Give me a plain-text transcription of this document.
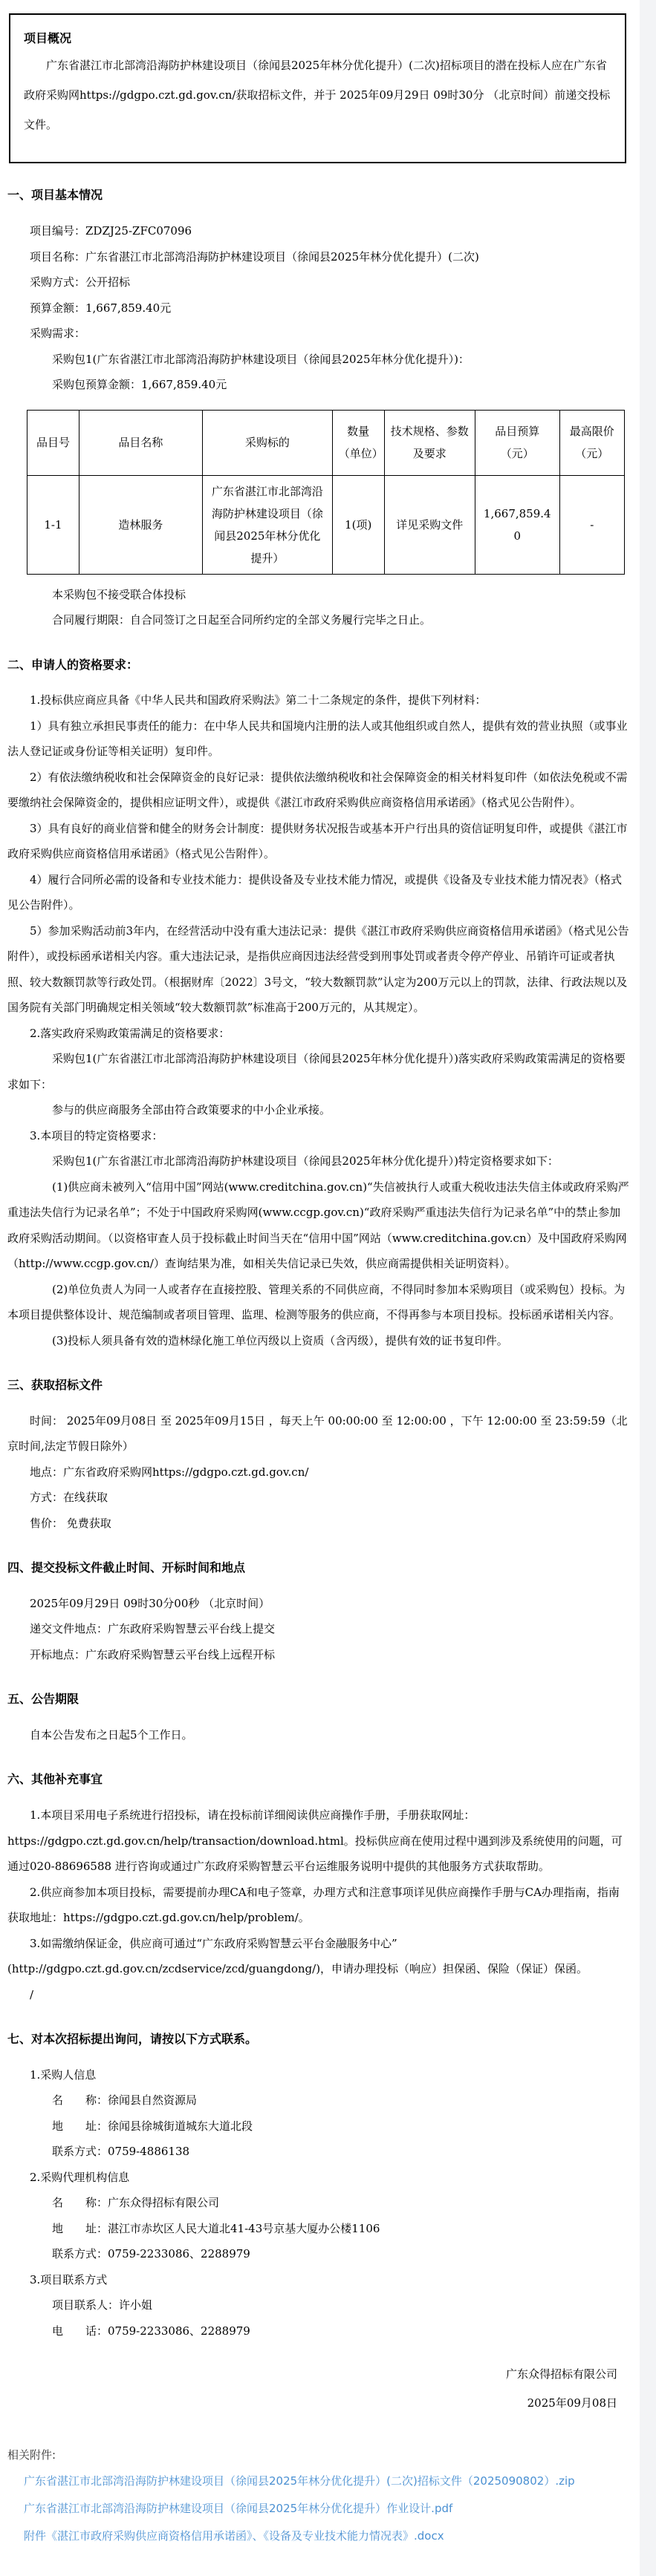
项目概况

广东省湛江市北部湾沿海防护林建设项目（徐闻县2025年林分优化提升）(二次)招标项目的潜在投标人应在广东省政府采购网https://gdgpo.czt.gd.gov.cn/获取招标文件，并于 2025年09月29日 09时30分 （北京时间）前递交投标文件。

一、项目基本情况

项目编号：ZDZJ25-ZFC07096

项目名称：广东省湛江市北部湾沿海防护林建设项目（徐闻县2025年林分优化提升）(二次)

采购方式：公开招标

预算金额：1,667,859.40元

采购需求：

采购包1(广东省湛江市北部湾沿海防护林建设项目（徐闻县2025年林分优化提升）)：

采购包预算金额：1,667,859.40元

品目号	品目名称	采购标的	数量（单位）	技术规格、参数及要求	品目预算（元）	最高限价（元）
1-1	造林服务	广东省湛江市北部湾沿海防护林建设项目（徐闻县2025年林分优化提升）	1(项)	详见采购文件	1,667,859.40	-

本采购包不接受联合体投标

合同履行期限：自合同签订之日起至合同所约定的全部义务履行完毕之日止。

二、申请人的资格要求：

1.投标供应商应具备《中华人民共和国政府采购法》第二十二条规定的条件，提供下列材料：

1）具有独立承担民事责任的能力：在中华人民共和国境内注册的法人或其他组织或自然人，提供有效的营业执照（或事业法人登记证或身份证等相关证明）复印件。

2）有依法缴纳税收和社会保障资金的良好记录：提供依法缴纳税收和社会保障资金的相关材料复印件（如依法免税或不需要缴纳社会保障资金的，提供相应证明文件），或提供《湛江市政府采购供应商资格信用承诺函》（格式见公告附件）。

3）具有良好的商业信誉和健全的财务会计制度：提供财务状况报告或基本开户行出具的资信证明复印件，或提供《湛江市政府采购供应商资格信用承诺函》（格式见公告附件）。

4）履行合同所必需的设备和专业技术能力：提供设备及专业技术能力情况，或提供《设备及专业技术能力情况表》（格式见公告附件）。

5）参加采购活动前3年内，在经营活动中没有重大违法记录：提供《湛江市政府采购供应商资格信用承诺函》（格式见公告附件），或投标函承诺相关内容。重大违法记录，是指供应商因违法经营受到刑事处罚或者责令停产停业、吊销许可证或者执照、较大数额罚款等行政处罚。（根据财库〔2022〕3号文，“较大数额罚款”认定为200万元以上的罚款，法律、行政法规以及国务院有关部门明确规定相关领域“较大数额罚款”标准高于200万元的，从其规定）。

2.落实政府采购政策需满足的资格要求：

采购包1(广东省湛江市北部湾沿海防护林建设项目（徐闻县2025年林分优化提升）)落实政府采购政策需满足的资格要求如下：

参与的供应商服务全部由符合政策要求的中小企业承接。

3.本项目的特定资格要求：

采购包1(广东省湛江市北部湾沿海防护林建设项目（徐闻县2025年林分优化提升）)特定资格要求如下：

(1)供应商未被列入“信用中国”网站(www.creditchina.gov.cn)“失信被执行人或重大税收违法失信主体或政府采购严重违法失信行为记录名单”；不处于中国政府采购网(www.ccgp.gov.cn)“政府采购严重违法失信行为记录名单”中的禁止参加政府采购活动期间。（以资格审查人员于投标截止时间当天在“信用中国”网站（www.creditchina.gov.cn）及中国政府采购网（http://www.ccgp.gov.cn/）查询结果为准，如相关失信记录已失效，供应商需提供相关证明资料）。

(2)单位负责人为同一人或者存在直接控股、管理关系的不同供应商，不得同时参加本采购项目（或采购包）投标。为本项目提供整体设计、规范编制或者项目管理、监理、检测等服务的供应商，不得再参与本项目投标。投标函承诺相关内容。

(3)投标人须具备有效的造林绿化施工单位丙级以上资质（含丙级），提供有效的证书复印件。

三、获取招标文件

时间： 2025年09月08日 至 2025年09月15日 ，每天上午 00:00:00 至 12:00:00 ，下午 12:00:00 至 23:59:59（北京时间,法定节假日除外）

地点：广东省政府采购网https://gdgpo.czt.gd.gov.cn/

方式：在线获取

售价： 免费获取

四、提交投标文件截止时间、开标时间和地点

2025年09月29日 09时30分00秒 （北京时间）

递交文件地点：广东政府采购智慧云平台线上提交

开标地点：广东政府采购智慧云平台线上远程开标

五、公告期限

自本公告发布之日起5个工作日。

六、其他补充事宜

1.本项目采用电子系统进行招投标，请在投标前详细阅读供应商操作手册，手册获取网址：https://gdgpo.czt.gd.gov.cn/help/transaction/download.html。投标供应商在使用过程中遇到涉及系统使用的问题，可通过020-88696588 进行咨询或通过广东政府采购智慧云平台运维服务说明中提供的其他服务方式获取帮助。

2.供应商参加本项目投标，需要提前办理CA和电子签章，办理方式和注意事项详见供应商操作手册与CA办理指南，指南获取地址：https://gdgpo.czt.gd.gov.cn/help/problem/。

3.如需缴纳保证金，供应商可通过“广东政府采购智慧云平台金融服务中心”(http://gdgpo.czt.gd.gov.cn/zcdservice/zcd/guangdong/)，申请办理投标（响应）担保函、保险（保证）保函。

/

七、对本次招标提出询问，请按以下方式联系。

1.采购人信息

名　　称：徐闻县自然资源局

地　　址：徐闻县徐城街道城东大道北段

联系方式：0759-4886138

2.采购代理机构信息

名　　称：广东众得招标有限公司

地　　址：湛江市赤坎区人民大道北41-43号京基大厦办公楼1106

联系方式：0759-2233086、2288979

3.项目联系方式

项目联系人：许小姐

电　　话：0759-2233086、2288979

广东众得招标有限公司

2025年09月08日

相关附件:
广东省湛江市北部湾沿海防护林建设项目（徐闻县2025年林分优化提升）(二次)招标文件（2025090802）.zip
广东省湛江市北部湾沿海防护林建设项目（徐闻县2025年林分优化提升）作业设计.pdf
附件《湛江市政府采购供应商资格信用承诺函》、《设备及专业技术能力情况表》.docx
